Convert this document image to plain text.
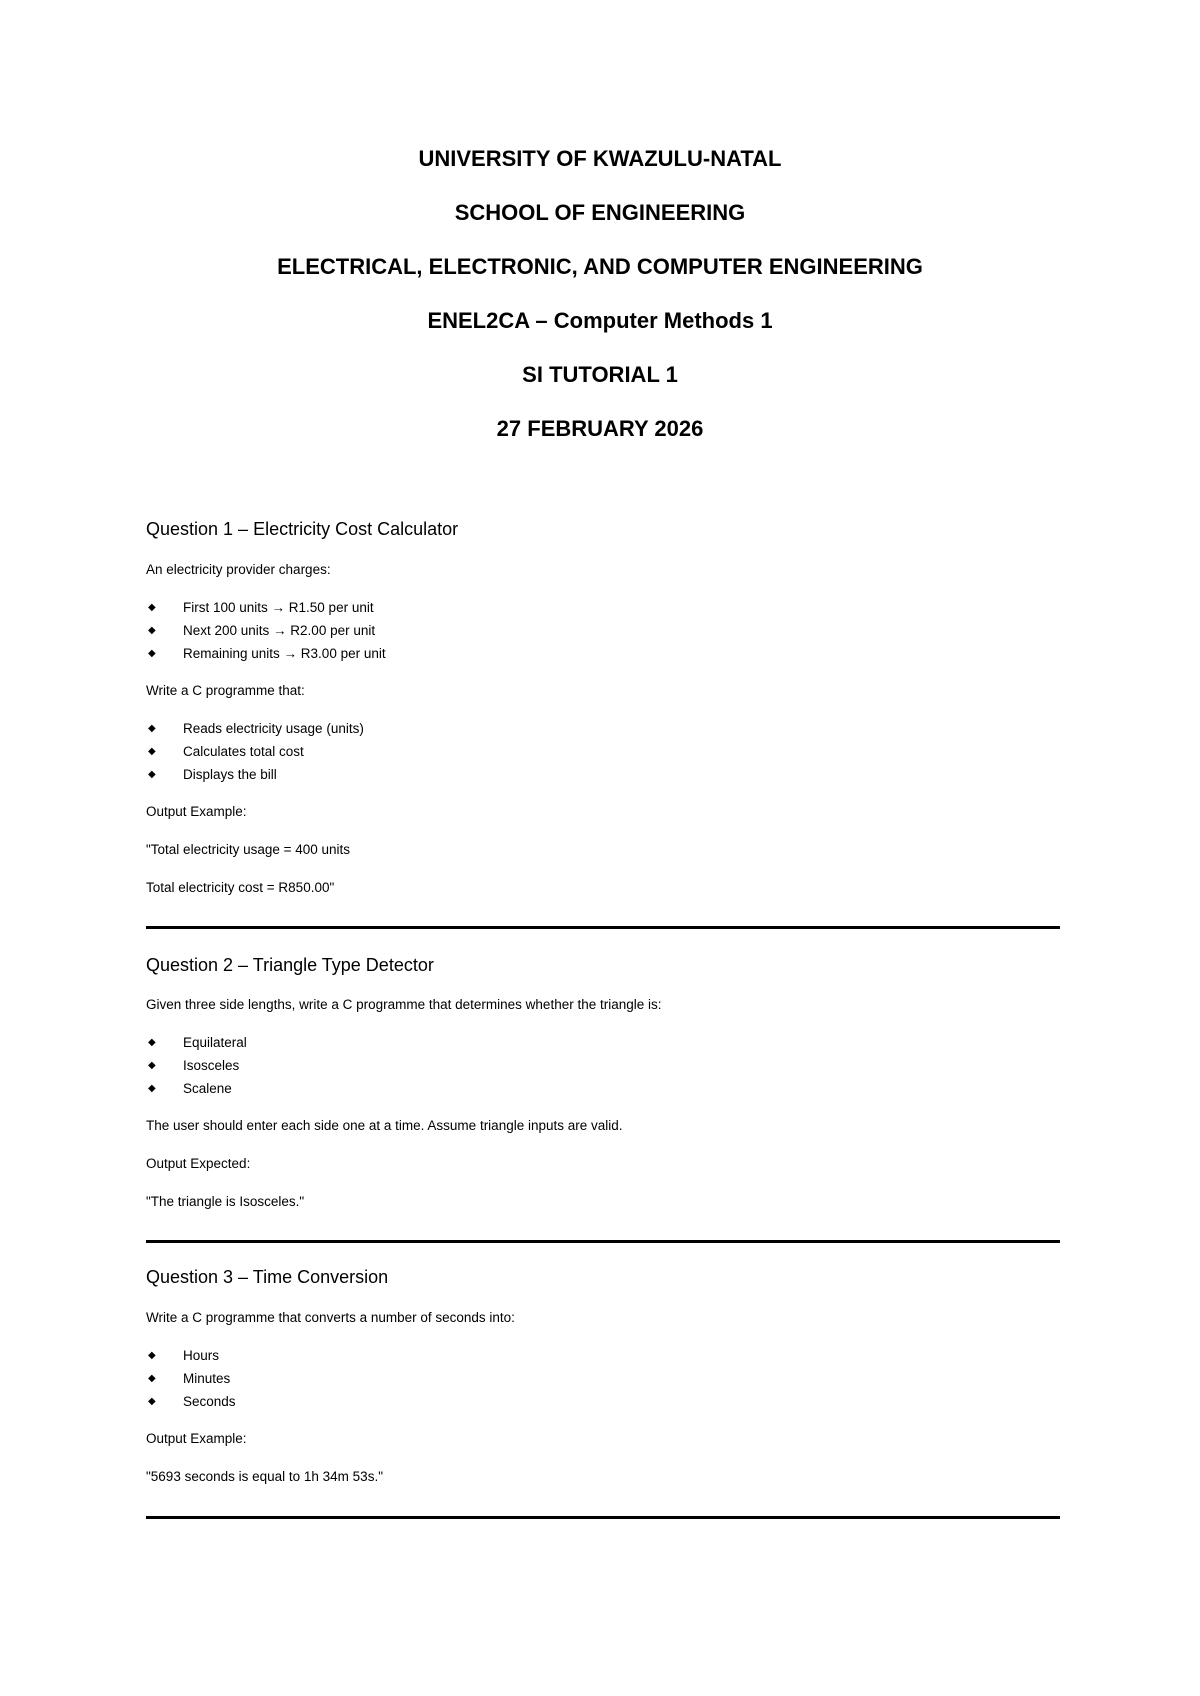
UNIVERSITY OF KWAZULU-NATAL
SCHOOL OF ENGINEERING
ELECTRICAL, ELECTRONIC, AND COMPUTER ENGINEERING
ENEL2CA – Computer Methods 1
SI TUTORIAL 1
27 FEBRUARY 2026
Question 1 – Electricity Cost Calculator
An electricity provider charges:
◆ First 100 units → R1.50 per unit
◆ Next 200 units → R2.00 per unit
◆ Remaining units → R3.00 per unit
Write a C programme that:
◆ Reads electricity usage (units)
◆ Calculates total cost
◆ Displays the bill
Output Example:
"Total electricity usage = 400 units
Total electricity cost = R850.00"
Question 2 – Triangle Type Detector
Given three side lengths, write a C programme that determines whether the triangle is:
◆ Equilateral
◆ Isosceles
◆ Scalene
The user should enter each side one at a time. Assume triangle inputs are valid.
Output Expected:
"The triangle is Isosceles."
Question 3 – Time Conversion
Write a C programme that converts a number of seconds into:
◆ Hours
◆ Minutes
◆ Seconds
Output Example:
"5693 seconds is equal to 1h 34m 53s."
